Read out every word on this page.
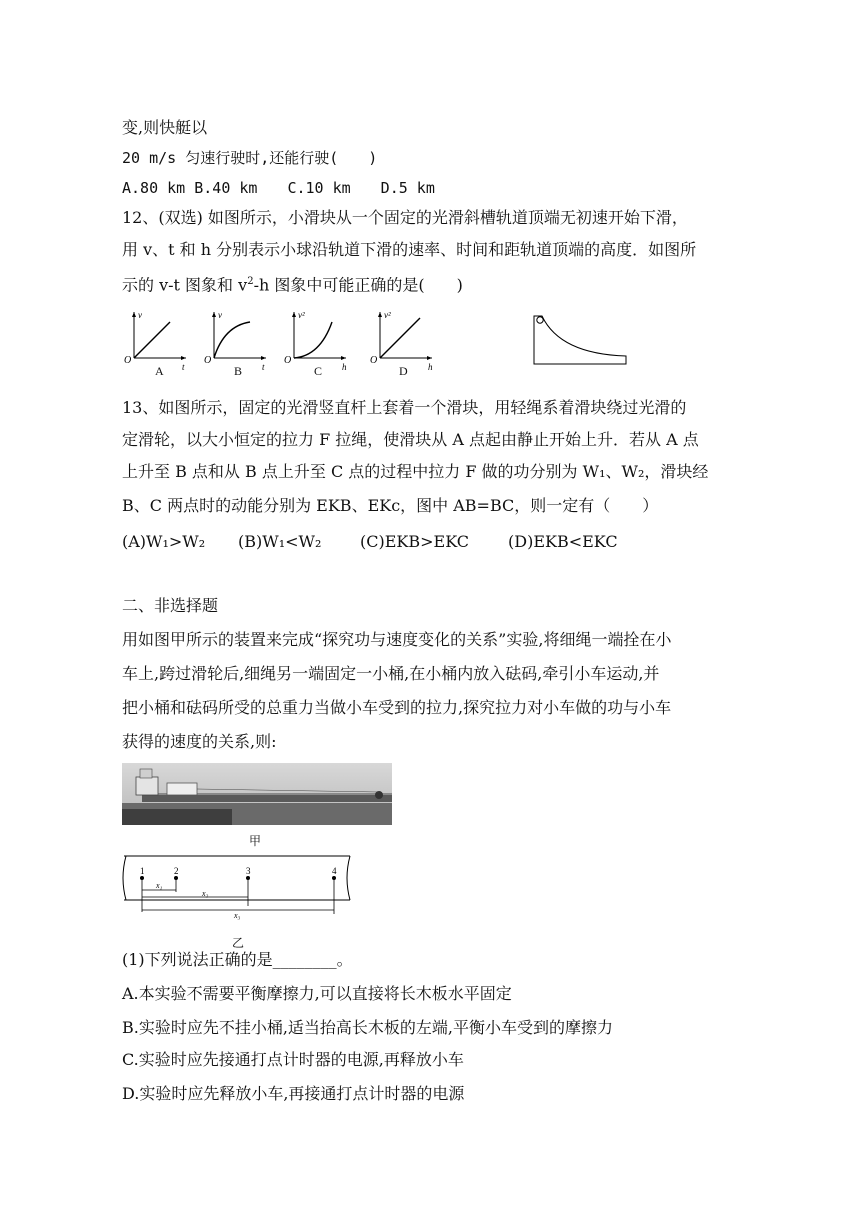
变,则快艇以
20 m/s 匀速行驶时,还能行驶(　　)
A.80 km B.40 km　　C.10 km　　D.5 km
12、(双选) 如图所示，小滑块从一个固定的光滑斜槽轨道顶端无初速开始下滑，
用 v、t 和 h 分别表示小球沿轨道下滑的速率、时间和距轨道顶端的高度．如图所
示的 v-t 图象和 $v^2-h$ 图象中可能正确的是(　　)
O
v
t
O
v
t
O
v²
h
O
v²
h
A	B	C	D
13、如图所示，固定的光滑竖直杆上套着一个滑块，用轻绳系着滑块绕过光滑的
定滑轮，以大小恒定的拉力 F 拉绳，使滑块从 A 点起由静止开始上升．若从 A 点
上升至 B 点和从 B 点上升至 C 点的过程中拉力 F 做的功分别为 W₁、W₂，滑块经
B、C 两点时的动能分别为 EKB、EKc，图中 AB=BC，则一定有（　　）
(A)W₁>W₂ (B)W₁<W₂ (C)EKB>EKC (D)EKB<EKC
二、非选择题
用如图甲所示的装置来完成“探究功与速度变化的关系”实验,将细绳一端拴在小
车上,跨过滑轮后,细绳另一端固定一小桶,在小桶内放入砝码,牵引小车运动,并
把小桶和砝码所受的总重力当做小车受到的拉力,探究拉力对小车做的功与小车
获得的速度的关系,则:
甲
1	2	3	4
x₁
x₂
x₃
乙
(1)下列说法正确的是________。
A.本实验不需要平衡摩擦力,可以直接将长木板水平固定
B.实验时应先不挂小桶,适当抬高长木板的左端,平衡小车受到的摩擦力
C.实验时应先接通打点计时器的电源,再释放小车
D.实验时应先释放小车,再接通打点计时器的电源
